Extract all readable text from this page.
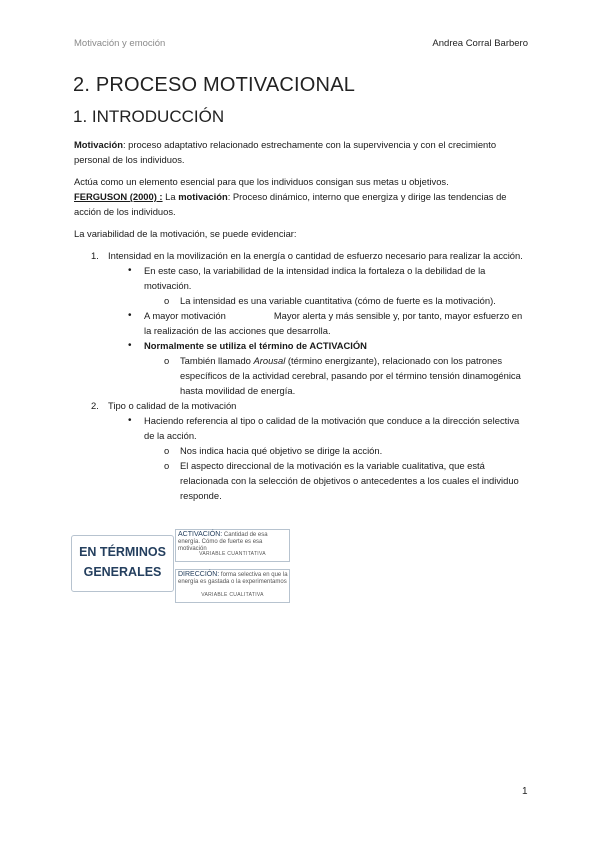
Motivación y emoción	Andrea Corral Barbero
2. PROCESO MOTIVACIONAL
1. INTRODUCCIÓN

Motivación: proceso adaptativo relacionado estrechamente con la supervivencia y con el crecimiento personal de los individuos.

Actúa como un elemento esencial para que los individuos consigan sus metas u objetivos.
FERGUSON (2000) : La motivación: Proceso dinámico, interno que energiza y dirige las tendencias de acción de los individuos.

La variabilidad de la motivación, se puede evidenciar:

1. Intensidad en la movilización en la energía o cantidad de esfuerzo necesario para realizar la acción.
• En este caso, la variabilidad de la intensidad indica la fortaleza o la debilidad de la motivación.
o La intensidad es una variable cuantitativa (cómo de fuerte es la motivación).
• A mayor motivación	Mayor alerta y más sensible y, por tanto, mayor esfuerzo en la realización de las acciones que desarrolla.
• Normalmente se utiliza el término de ACTIVACIÓN
o También llamado Arousal (término energizante), relacionado con los patrones específicos de la actividad cerebral, pasando por el término tensión dinamogénica hasta movilidad de energía.
2. Tipo o calidad de la motivación
• Haciendo referencia al tipo o calidad de la motivación que conduce a la dirección selectiva de la acción.
o Nos indica hacia qué objetivo se dirige la acción.
o El aspecto direccional de la motivación es la variable cualitativa, que está relacionada con la selección de objetivos o antecedentes a los cuales el individuo responde.
EN TÉRMINOS
GENERALES
ACTIVACIÓN: Cantidad de esa energía. Cómo de fuerte es esa motivación
VARIABLE CUANTITATIVA
DIRECCIÓN: forma selectiva en que la energía es gastada o la experimentamos
VARIABLE CUALITATIVA
1
